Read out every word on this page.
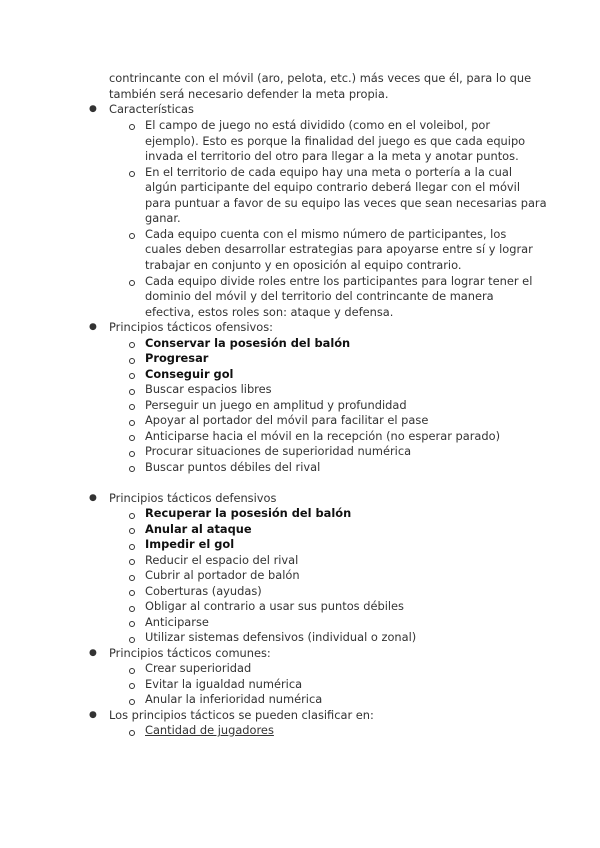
contrincante con el móvil (aro, pelota, etc.) más veces que él, para lo que
también será necesario defender la meta propia.
● Características
El campo de juego no está dividido (como en el voleibol, por
ejemplo). Esto es porque la finalidad del juego es que cada equipo
invada el territorio del otro para llegar a la meta y anotar puntos.
En el territorio de cada equipo hay una meta o portería a la cual
algún participante del equipo contrario deberá llegar con el móvil
para puntuar a favor de su equipo las veces que sean necesarias para
ganar.
Cada equipo cuenta con el mismo número de participantes, los
cuales deben desarrollar estrategias para apoyarse entre sí y lograr
trabajar en conjunto y en oposición al equipo contrario.
Cada equipo divide roles entre los participantes para lograr tener el
dominio del móvil y del territorio del contrincante de manera
efectiva, estos roles son: ataque y defensa.
● Principios tácticos ofensivos:
Conservar la posesión del balón
Progresar
Conseguir gol
Buscar espacios libres
Perseguir un juego en amplitud y profundidad
Apoyar al portador del móvil para facilitar el pase
Anticiparse hacia el móvil en la recepción (no esperar parado)
Procurar situaciones de superioridad numérica
Buscar puntos débiles del rival
● Principios tácticos defensivos
Recuperar la posesión del balón
Anular al ataque
Impedir el gol
Reducir el espacio del rival
Cubrir al portador de balón
Coberturas (ayudas)
Obligar al contrario a usar sus puntos débiles
Anticiparse
Utilizar sistemas defensivos (individual o zonal)
● Principios tácticos comunes:
Crear superioridad
Evitar la igualdad numérica
Anular la inferioridad numérica
● Los principios tácticos se pueden clasificar en:
Cantidad de jugadores
